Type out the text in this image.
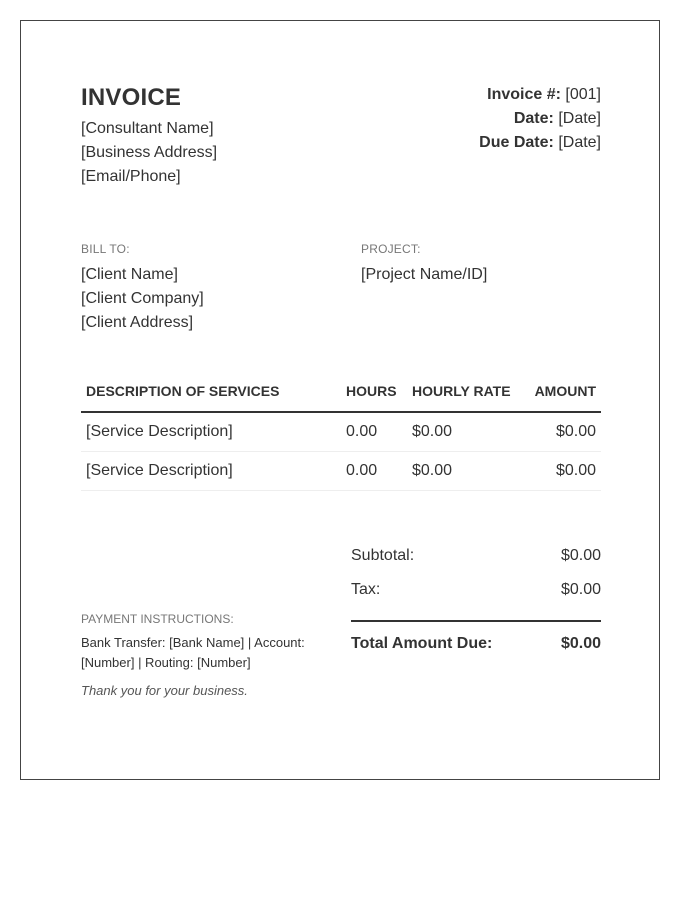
INVOICE
[Consultant Name]
[Business Address]
[Email/Phone]
Invoice #: [001]
Date: [Date]
Due Date: [Date]
BILL TO:
[Client Name]
[Client Company]
[Client Address]
PROJECT:
[Project Name/ID]
DESCRIPTION OF SERVICES	HOURS	HOURLY RATE	AMOUNT
[Service Description]	0.00	$0.00	$0.00
[Service Description]	0.00	$0.00	$0.00
Subtotal:	$0.00
Tax:	$0.00
Total Amount Due:	$0.00
PAYMENT INSTRUCTIONS:
Bank Transfer: [Bank Name] | Account: [Number] | Routing: [Number]
Thank you for your business.
